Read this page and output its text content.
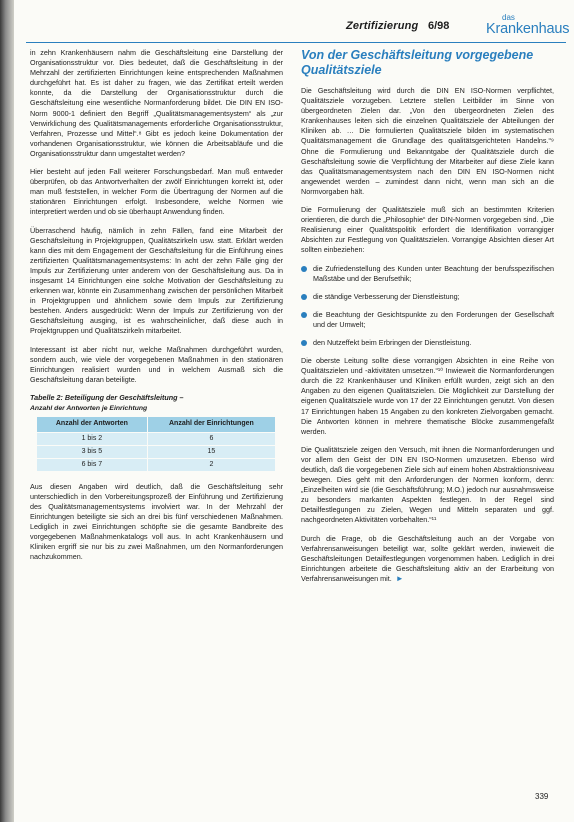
Zertifizierung 6/98
das
Krankenhaus

in zehn Krankenhäusern nahm die Geschäftsleitung eine Darstellung der Organisationsstruktur vor. Dies bedeutet, daß die Geschäftsleitung in der Mehrzahl der zertifizierten Einrichtungen keine entsprechenden Maßnahmen durchgeführt hat. Es ist daher zu fragen, wie das Zertifikat erteilt werden konnte, da die Darstellung der Organisationsstruktur durch die Geschäftsleitung eine wesentliche Normanforderung bildet. Die DIN EN ISO-Norm 9000-1 definiert den Begriff „Qualitätsmanagementsystem“ als „zur Verwirklichung des Qualitätsmanagements erforderliche Organisationsstruktur, Verfahren, Prozesse und Mittel“.⁸ Gibt es jedoch keine Dokumentation der vorhandenen Organisationsstruktur, wie können die Arbeitsabläufe und die Organisationsstruktur dann umgestaltet werden?

Hier besteht auf jeden Fall weiterer Forschungsbedarf. Man muß entweder überprüfen, ob das Antwortverhalten der zwölf Einrichtungen korrekt ist, oder man muß feststellen, in welcher Form die Übertragung der Normen auf die stationären Einrichtungen erfolgt. Insbesondere, welche Normen wie interpretiert werden und ob sie überhaupt Anwendung finden.

Überraschend häufig, nämlich in zehn Fällen, fand eine Mitarbeit der Geschäftsleitung in Projektgruppen, Qualitätszirkeln usw. statt. Erklärt werden kann dies mit dem Engagement der Geschäftsleitung für die Einführung eines zertifizierten Qualitätsmanagementsystems: In acht der zehn Fälle ging der Impuls zur Zertifizierung unter anderem von der Geschäftsleitung aus. Da in insgesamt 14 Einrichtungen eine solche Motivation der Geschäftsleitung zu erkennen war, könnte ein Zusammenhang zwischen der persönlichen Mitarbeit in Projektgruppen und ähnlichem sowie dem Impuls zur Zertifizierung bestehen. Anders ausgedrückt: Wenn der Impuls zur Zertifizierung von der Geschäftsleitung ausging, ist es wahrscheinlicher, daß diese auch in Projektgruppen und Qualitätszirkeln mitarbeitet.

Interessant ist aber nicht nur, welche Maßnahmen durchgeführt wurden, sondern auch, wie viele der vorgegebenen Maßnahmen in den stationären Einrichtungen realisiert wurden und in welchem Ausmaß sich die Geschäftsleitung daran beteiligte.

Tabelle 2: Beteiligung der Geschäftsleitung –
Anzahl der Antworten je Einrichtung
Anzahl der Antworten	Anzahl der Einrichtungen
1 bis 2	6
3 bis 5	15
6 bis 7	2

Aus diesen Angaben wird deutlich, daß die Geschäftsleitung sehr unterschiedlich in den Vorbereitungsprozeß der Einführung und Zertifizierung des Qualitätsmanagementsystems involviert war. In der Mehrzahl der Einrichtungen beteiligte sie sich an drei bis fünf verschiedenen Maßnahmen. Lediglich in zwei Einrichtungen schöpfte sie die gesamte Bandbreite des vorgegebenen Maßnahmenkatalogs voll aus. In acht Krankenhäusern und Kliniken ergriff sie nur bis zu zwei Maßnahmen, um den Normanforderungen nachzukommen.

Von der Geschäftsleitung vorgegebene Qualitätsziele

Die Geschäftsleitung wird durch die DIN EN ISO-Normen verpflichtet, Qualitätsziele vorzugeben. Letztere stellen Leitbilder im Sinne von übergeordneten Zielen dar. „Von den übergeordneten Zielen des Krankenhauses leiten sich die einzelnen Qualitätsziele der Abteilungen der Kliniken ab. … Die formulierten Qualitätsziele bilden im systematischen Qualitätsmanagement die Grundlage des qualitätsgerichteten Handelns.“⁹ Ohne die Formulierung und Bekanntgabe der Qualitätsziele durch die Geschäftsleitung sowie die Verpflichtung der Mitarbeiter auf diese Ziele kann das Qualitätsmanagementsystem nach den DIN EN ISO-Normen nicht angewendet werden – zumindest dann nicht, wenn man sich an die Normvorgaben hält.

Die Formulierung der Qualitätsziele muß sich an bestimmten Kriterien orientieren, die durch die „Philosophie“ der DIN-Normen vorgegeben sind. „Die Realisierung einer Qualitätspolitik erfordert die Identifikation vorrangiger Absichten zur Festlegung von Qualitätszielen. Vorrangige Absichten dieser Art sollten einbeziehen:

die Zufriedenstellung des Kunden unter Beachtung der berufsspezifischen Maßstäbe und der Berufsethik;
die ständige Verbesserung der Dienstleistung;
die Beachtung der Gesichtspunkte zu den Forderungen der Gesellschaft und der Umwelt;
den Nutzeffekt beim Erbringen der Dienstleistung.

Die oberste Leitung sollte diese vorrangigen Absichten in eine Reihe von Qualitätszielen und -aktivitäten umsetzen.“¹⁰ Inwieweit die Normanforderungen durch die 22 Krankenhäuser und Kliniken erfüllt wurden, zeigt sich an den Angaben zu den eigenen Qualitätszielen. Die Möglichkeit zur Darstellung der eigenen Qualitätsziele wurde von 17 der 22 Einrichtungen genutzt. Von diesen 17 Einrichtungen haben 15 Angaben zu den konkreten Zielvorgaben gemacht. Die Antworten können in mehrere thematische Blöcke zusammengefaßt werden.

Die Qualitätsziele zeigen den Versuch, mit ihnen die Normanforderungen und vor allem den Geist der DIN EN ISO-Normen umzusetzen. Ebenso wird deutlich, daß die vorgegebenen Ziele sich auf einem hohen Abstraktionsniveau bewegen. Dies geht mit den Anforderungen der Normen konform, denn: „Einzelheiten wird sie (die Geschäftsführung; M.O.) jedoch nur ausnahmsweise zu besonders markanten Aspekten festlegen. In der Regel sind Detailfestlegungen zu Zielen, Wegen und Mitteln separaten und ggf. nachgeordneten Aktivitäten vorbehalten.“¹¹

Durch die Frage, ob die Geschäftsleitung auch an der Vorgabe von Verfahrensanweisungen beteiligt war, sollte geklärt werden, inwieweit die Geschäftsleitungen Detailfestlegungen vorgenommen haben. Lediglich in drei Einrichtungen arbeitete die Geschäftsleitung aktiv an der Erarbeitung von Verfahrensanweisungen mit. ►

339
